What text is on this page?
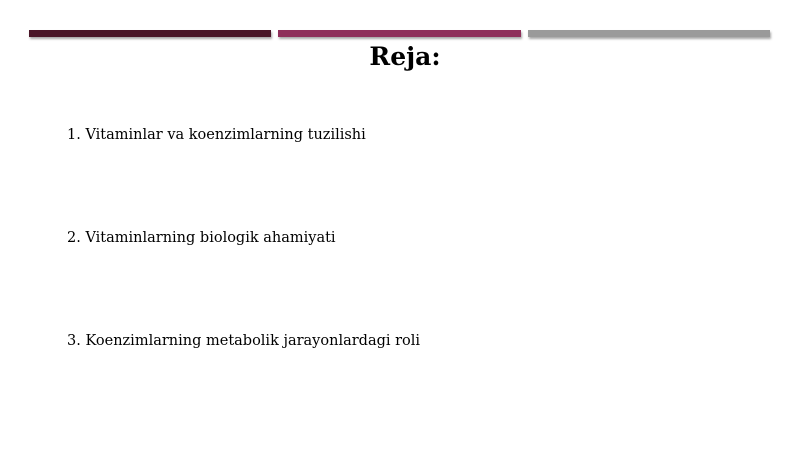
Reja:
1. Vitaminlar va koenzimlarning tuzilishi
2. Vitaminlarning biologik ahamiyati
3. Koenzimlarning metabolik jarayonlardagi roli
